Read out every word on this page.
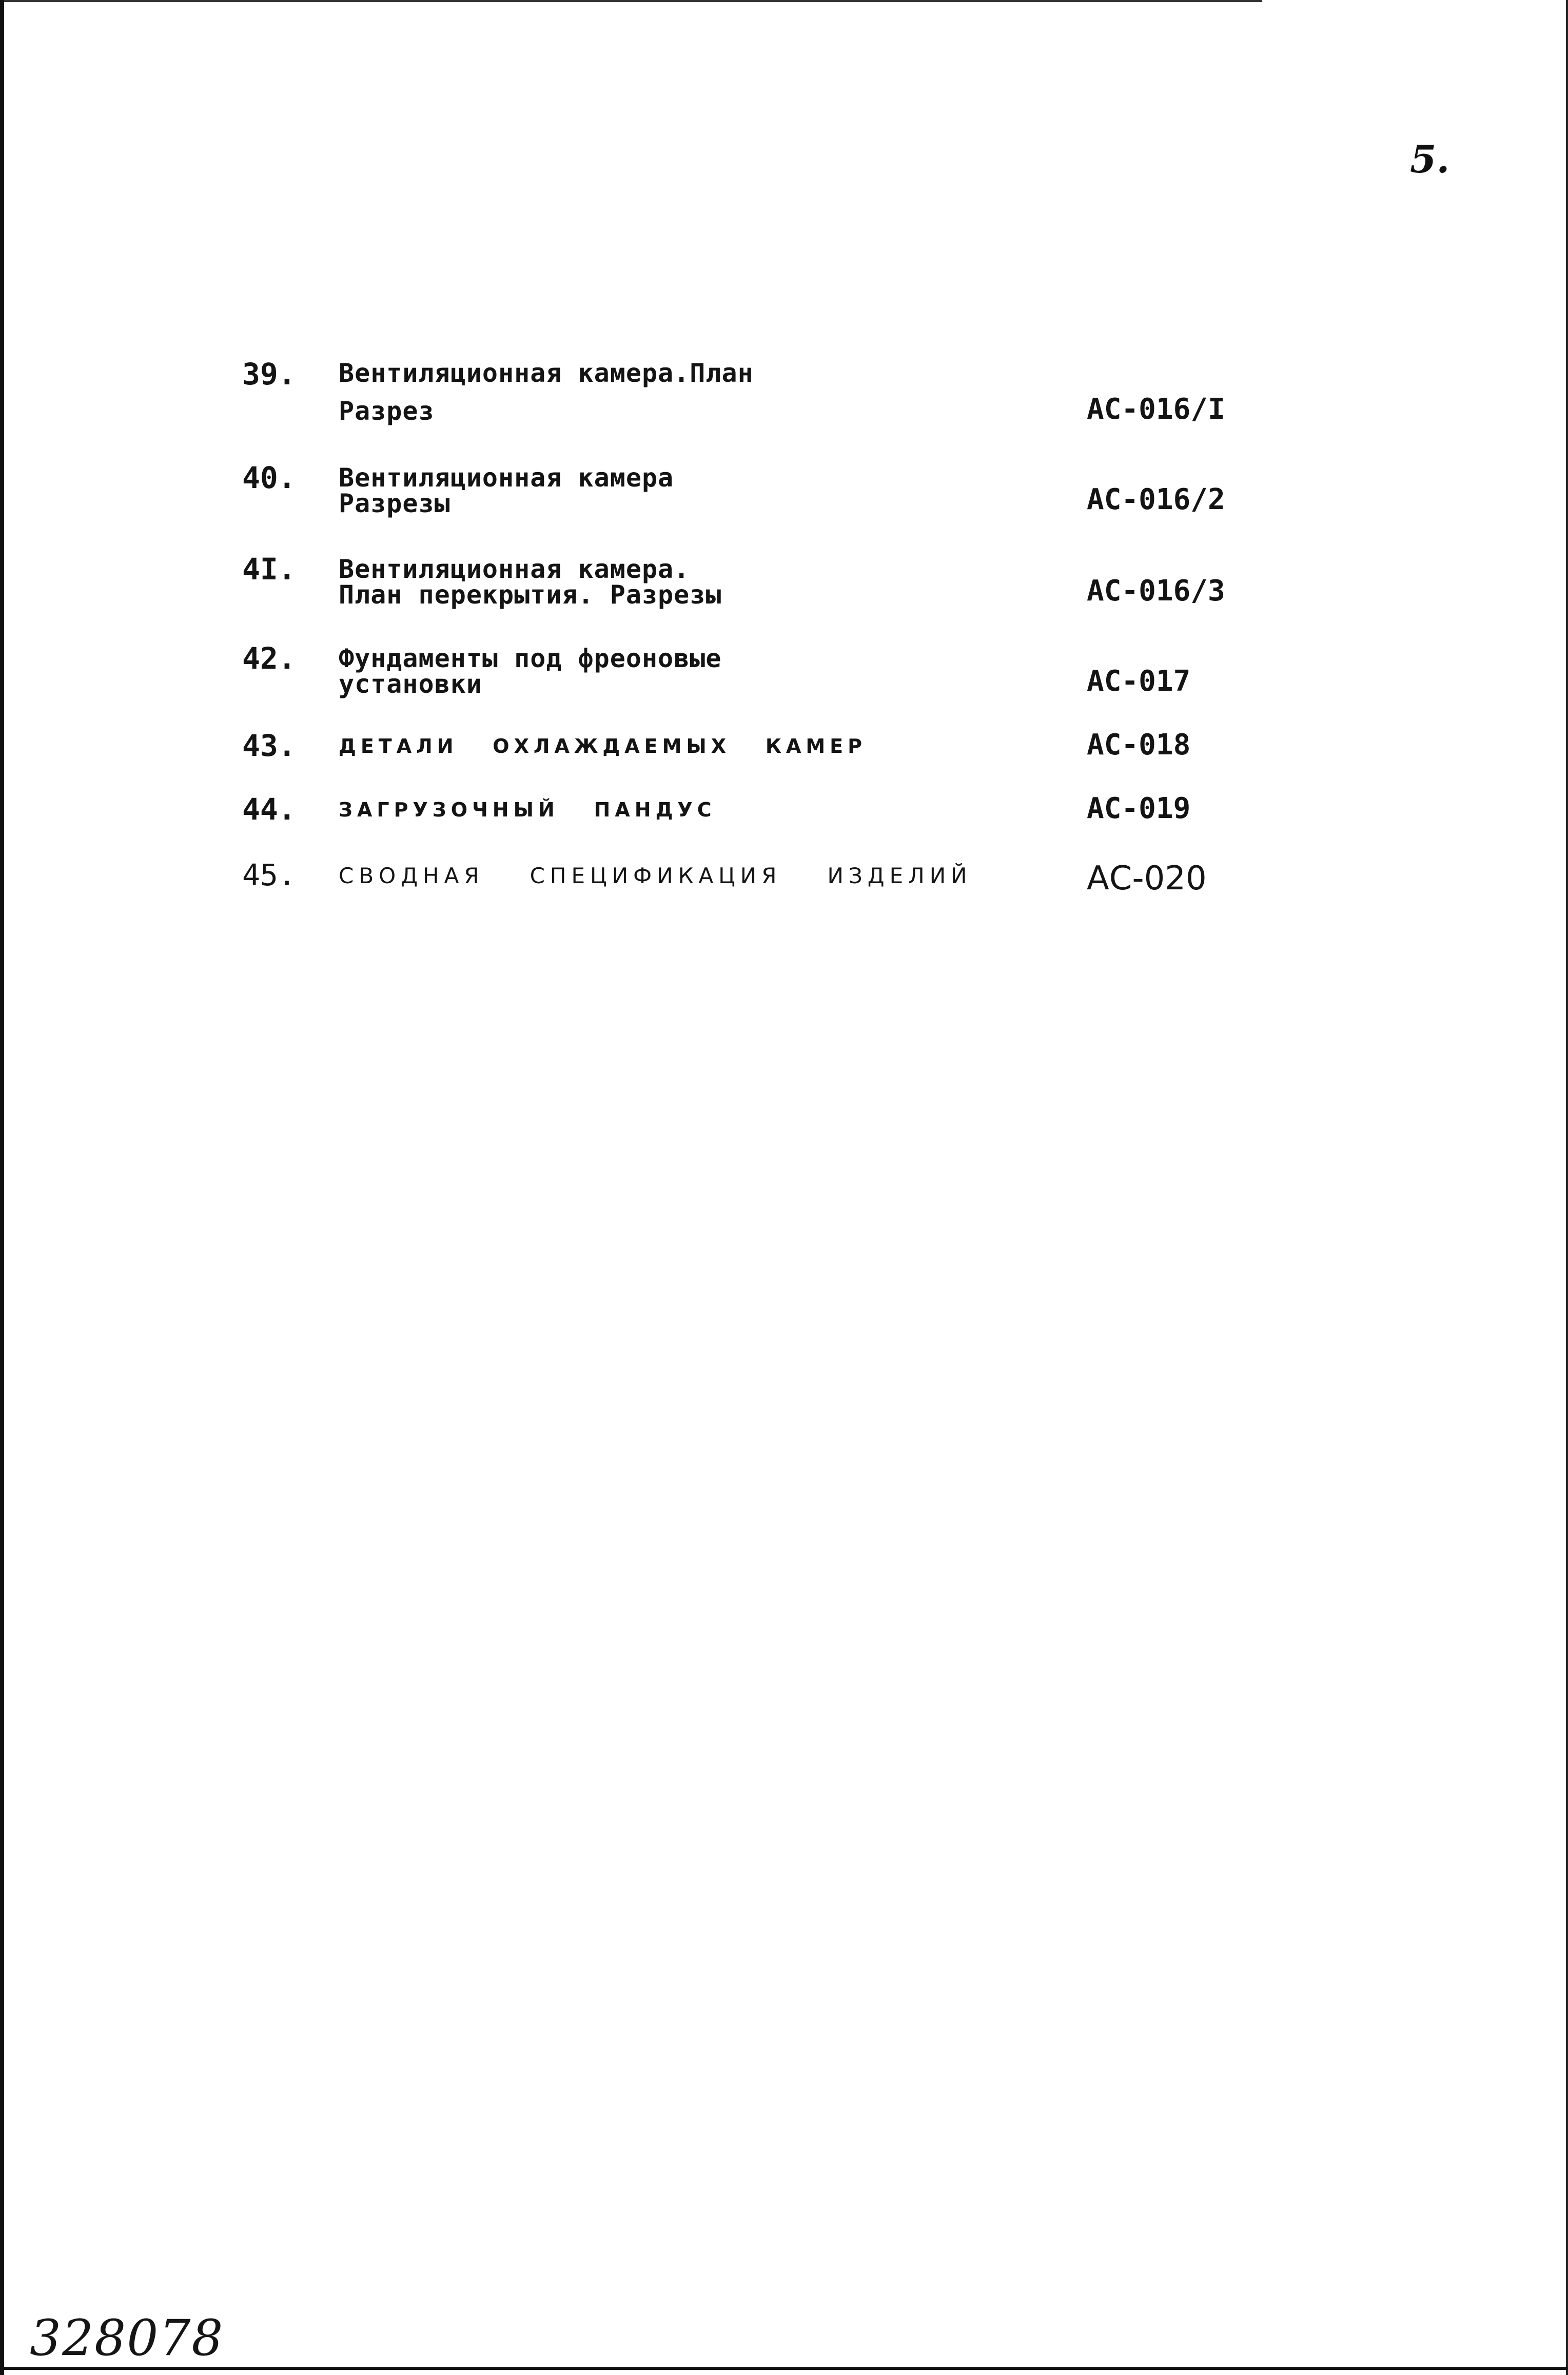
5.
39. Вентиляционная камера.План
Разрез	АС-016/I
40. Вентиляционная камера
Разрезы	АС-016/2
4I. Вентиляционная камера.
План перекрытия. Разрезы	АС-016/3
42. Фундаменты под фреоновые
установки	АС-017
43. детали охлаждаемых камер	АС-018
44. загрузочный пандус	АС-019
45. сводная спецификация изделий	АС-020
328078
